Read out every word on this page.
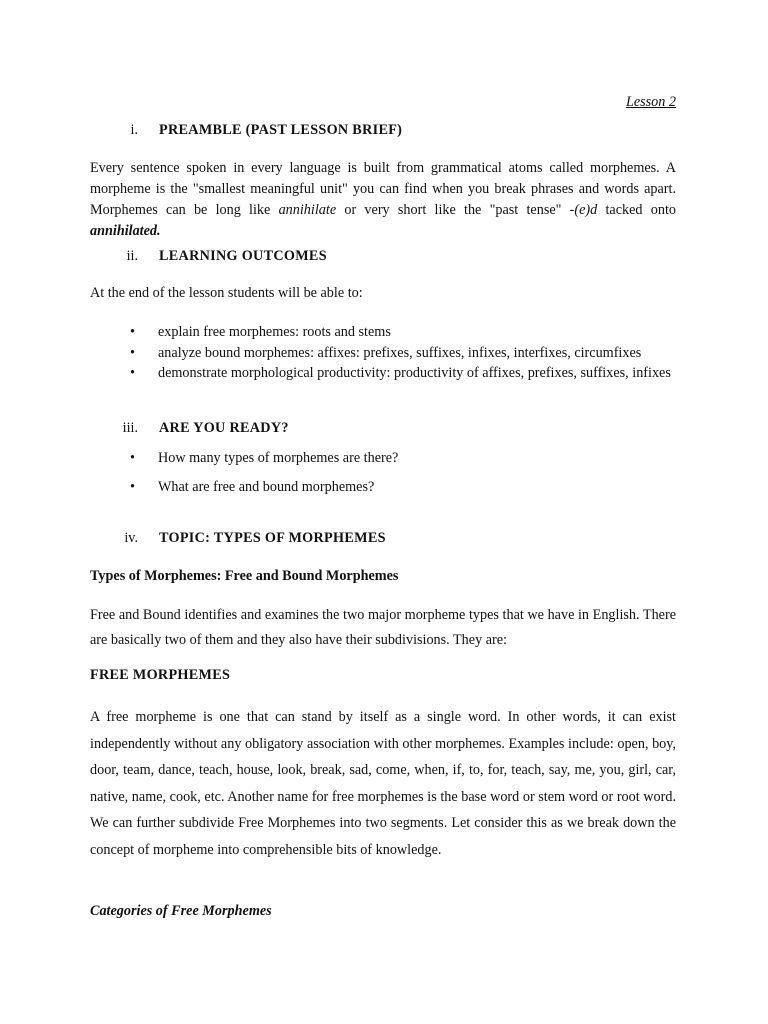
Lesson 2
i. PREAMBLE (PAST LESSON BRIEF)

Every sentence spoken in every language is built from grammatical atoms called morphemes. A morpheme is the "smallest meaningful unit" you can find when you break phrases and words apart. Morphemes can be long like annihilate or very short like the "past tense" -(e)d tacked onto annihilated.

ii. LEARNING OUTCOMES
At the end of the lesson students will be able to:
• explain free morphemes: roots and stems
• analyze bound morphemes: affixes: prefixes, suffixes, infixes, interfixes, circumfixes
• demonstrate morphological productivity: productivity of affixes, prefixes, suffixes, infixes
iii. ARE YOU READY?
• How many types of morphemes are there?
• What are free and bound morphemes?
iv. TOPIC: TYPES OF MORPHEMES
Types of Morphemes: Free and Bound Morphemes

Free and Bound identifies and examines the two major morpheme types that we have in English. There are basically two of them and they also have their subdivisions. They are:

FREE MORPHEMES

A free morpheme is one that can stand by itself as a single word. In other words, it can exist independently without any obligatory association with other morphemes. Examples include: open, boy, door, team, dance, teach, house, look, break, sad, come, when, if, to, for, teach, say, me, you, girl, car, native, name, cook, etc. Another name for free morphemes is the base word or stem word or root word. We can further subdivide Free Morphemes into two segments. Let consider this as we break down the concept of morpheme into comprehensible bits of knowledge.

Categories of Free Morphemes
